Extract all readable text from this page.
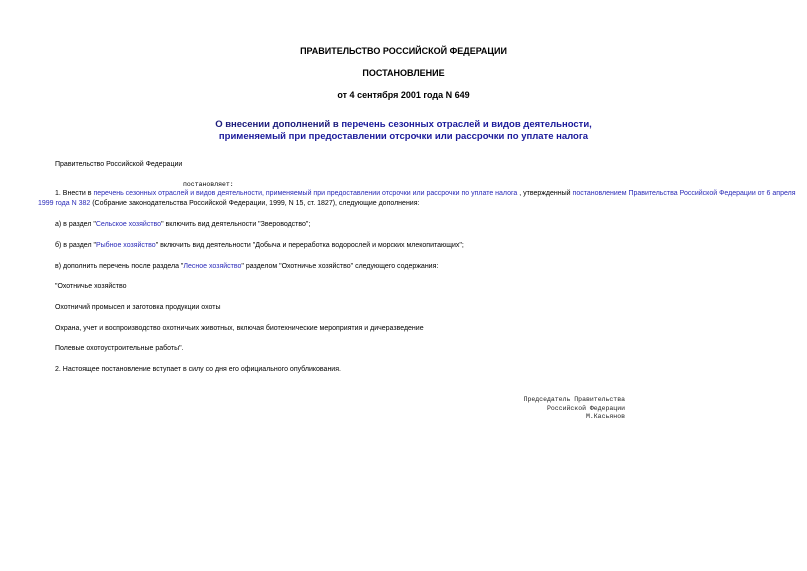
ПРАВИТЕЛЬСТВО РОССИЙСКОЙ ФЕДЕРАЦИИ
ПОСТАНОВЛЕНИЕ
от 4 сентября 2001 года N 649
О внесении дополнений в перечень сезонных отраслей и видов деятельности,
применяемый при предоставлении отсрочки или рассрочки по уплате налога
Правительство Российской Федерации
постановляет:
1. Внести в перечень сезонных отраслей и видов деятельности, применяемый при предоставлении отсрочки или рассрочки по уплате налога , утвержденный постановлением Правительства Российской Федерации от 6 апреля 1999 года N 382 (Собрание законодательства Российской Федерации, 1999, N 15, ст. 1827), следующие дополнения:
а) в раздел "Сельское хозяйство" включить вид деятельности "Звероводство";
б) в раздел "Рыбное хозяйство" включить вид деятельности "Добыча и переработка водорослей и морских млекопитающих";
в) дополнить перечень после раздела "Лесное хозяйство" разделом "Охотничье хозяйство" следующего содержания:
"Охотничье хозяйство
Охотничий промысел и заготовка продукции охоты
Охрана, учет и воспроизводство охотничьих животных, включая биотехнические мероприятия и дичеразведение
Полевые охотоустроительные работы".
2. Настоящее постановление вступает в силу со дня его официального опубликования.
Председатель Правительства
Российской Федерации
М.Касьянов
